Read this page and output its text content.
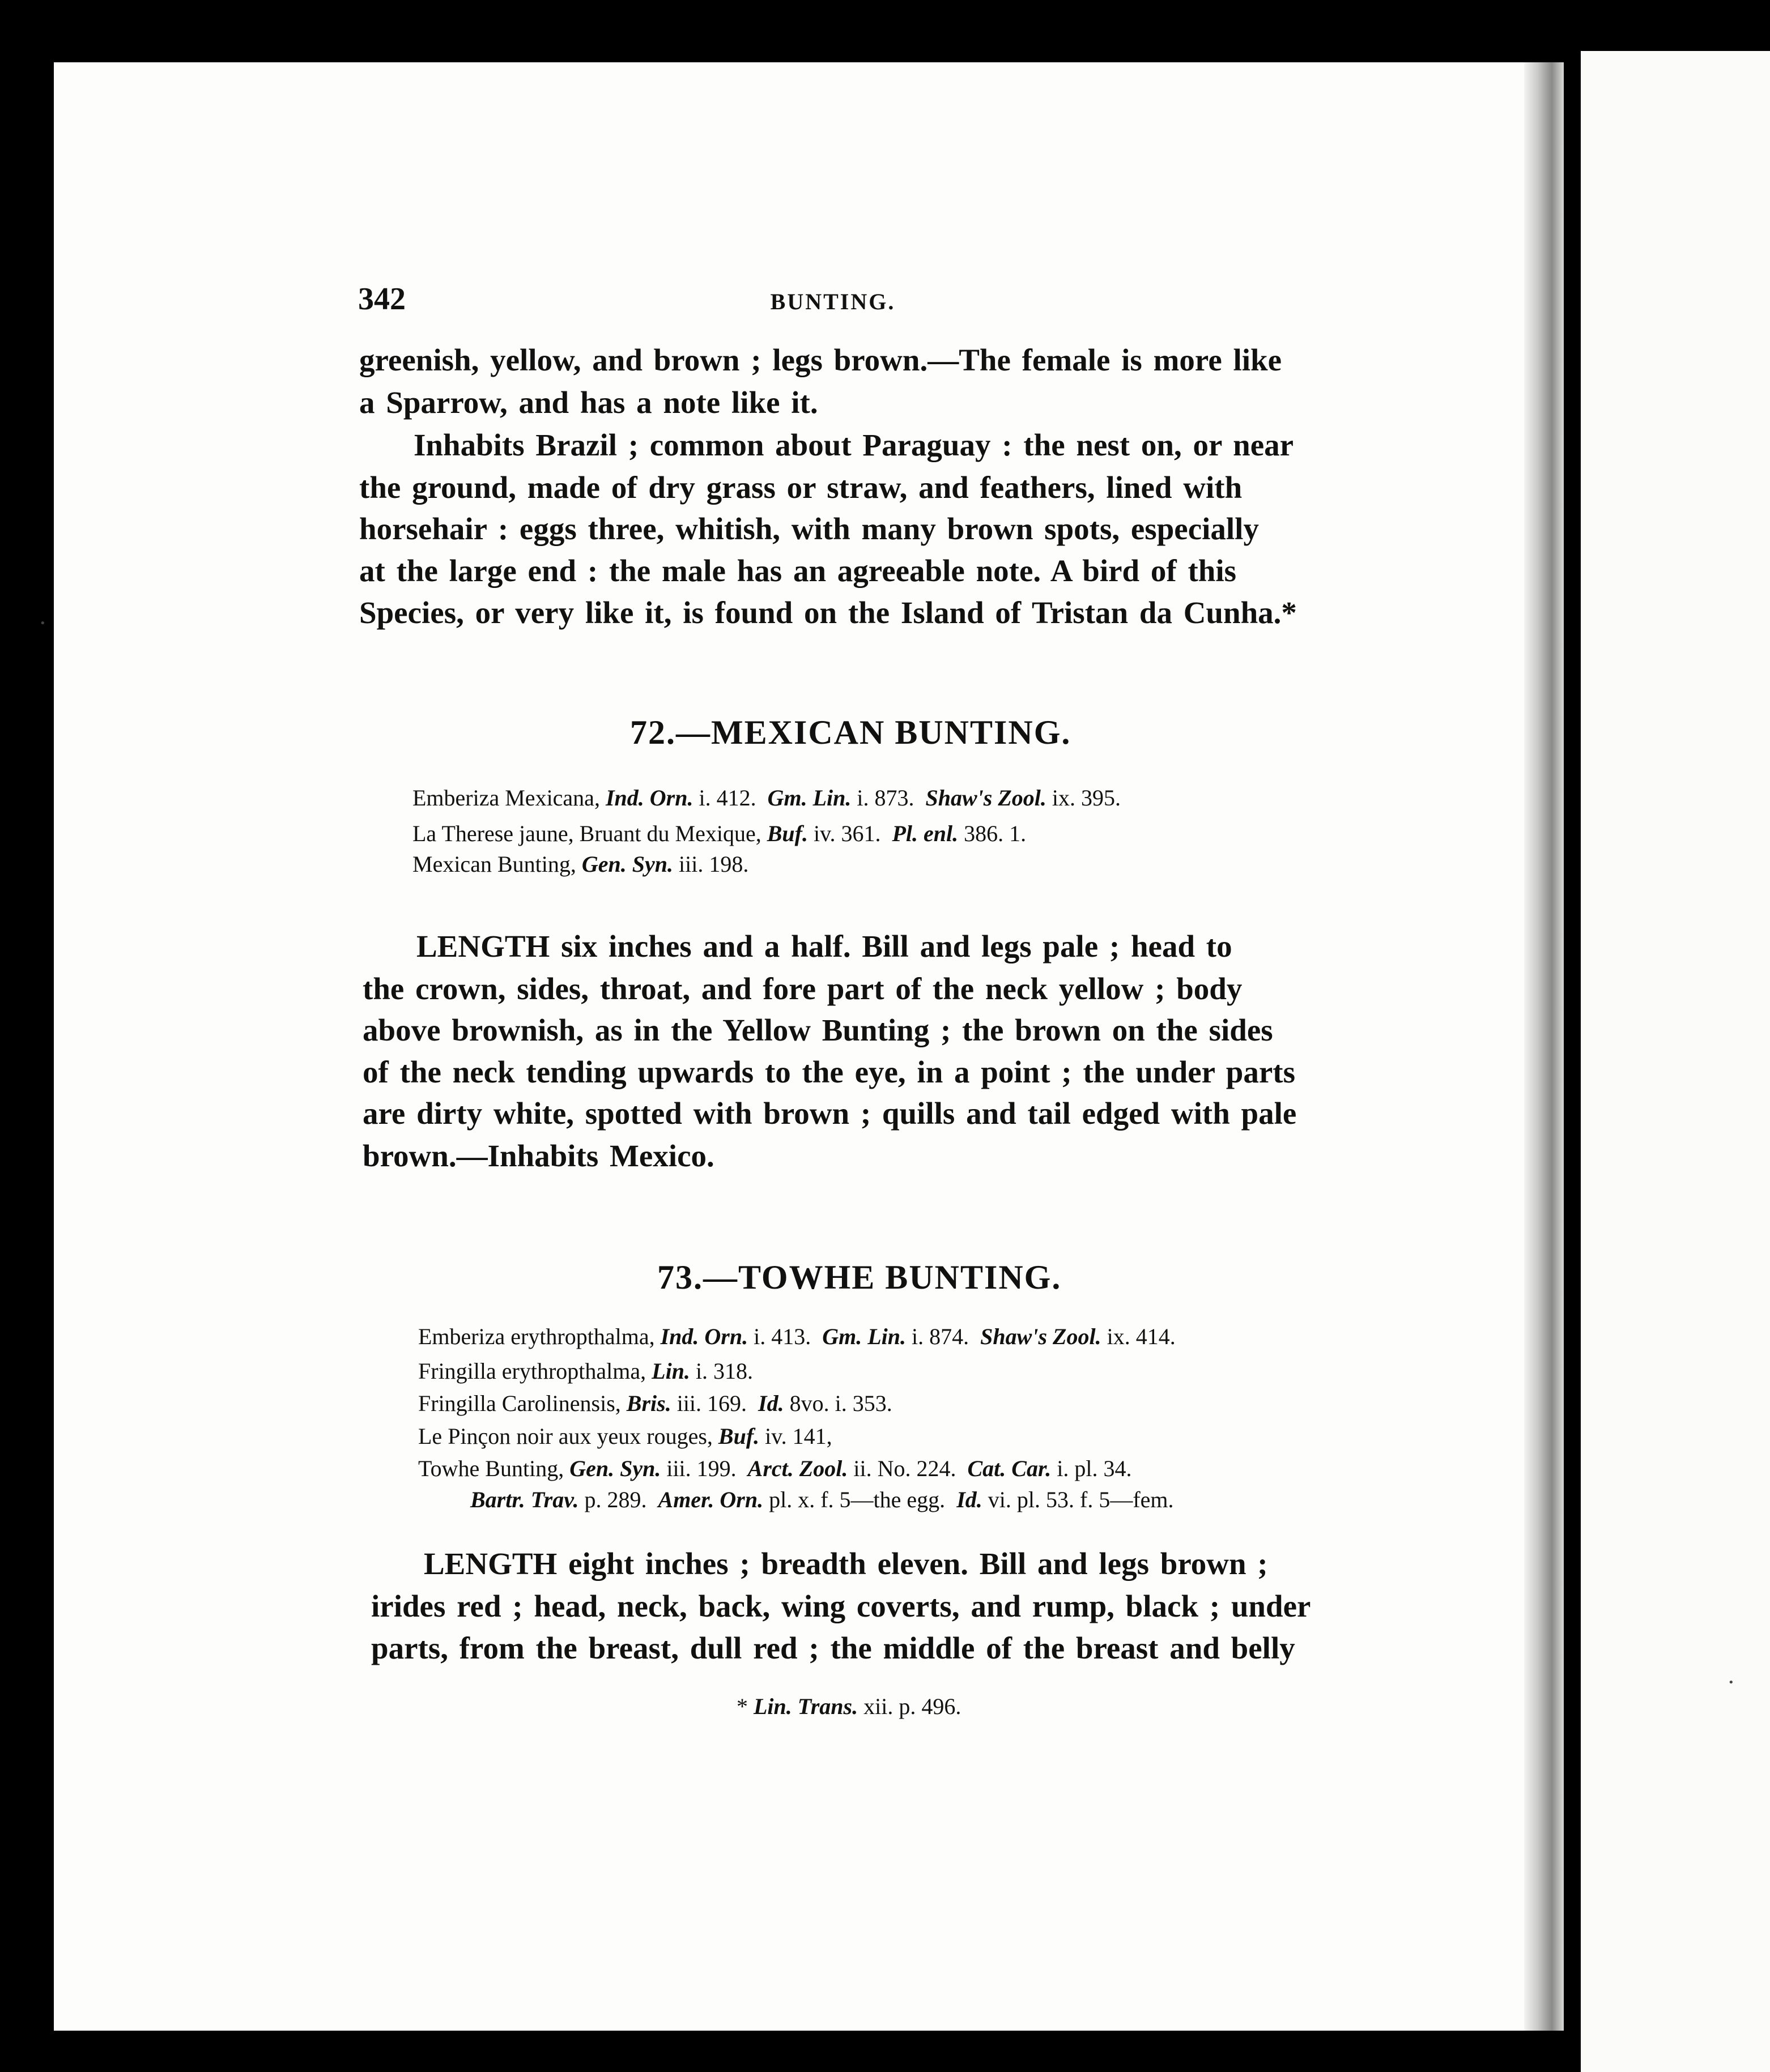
342	BUNTING.
greenish, yellow, and brown ; legs brown.—The female is more like
a Sparrow, and has a note like it.
Inhabits Brazil ; common about Paraguay : the nest on, or near
the ground, made of dry grass or straw, and feathers, lined with
horsehair : eggs three, whitish, with many brown spots, especially
at the large end : the male has an agreeable note. A bird of this
Species, or very like it, is found on the Island of Tristan da Cunha.*
72.—MEXICAN BUNTING.
Emberiza Mexicana, Ind. Orn. i. 412.  Gm. Lin. i. 873.  Shaw's Zool. ix. 395.
La Therese jaune, Bruant du Mexique, Buf. iv. 361.  Pl. enl. 386. 1.
Mexican Bunting, Gen. Syn. iii. 198.
LENGTH six inches and a half. Bill and legs pale ; head to
the crown, sides, throat, and fore part of the neck yellow ; body
above brownish, as in the Yellow Bunting ; the brown on the sides
of the neck tending upwards to the eye, in a point ; the under parts
are dirty white, spotted with brown ; quills and tail edged with pale
brown.—Inhabits Mexico.
73.—TOWHE BUNTING.
Emberiza erythropthalma, Ind. Orn. i. 413.  Gm. Lin. i. 874.  Shaw's Zool. ix. 414.
Fringilla erythropthalma, Lin. i. 318.
Fringilla Carolinensis, Bris. iii. 169.  Id. 8vo. i. 353.
Le Pinçon noir aux yeux rouges, Buf. iv. 141,
Towhe Bunting, Gen. Syn. iii. 199.  Arct. Zool. ii. No. 224.  Cat. Car. i. pl. 34.
Bartr. Trav. p. 289.  Amer. Orn. pl. x. f. 5—the egg.  Id. vi. pl. 53. f. 5—fem.
LENGTH eight inches ; breadth eleven. Bill and legs brown ;
irides red ; head, neck, back, wing coverts, and rump, black ; under
parts, from the breast, dull red ; the middle of the breast and belly
* Lin. Trans. xii. p. 496.
•
•
